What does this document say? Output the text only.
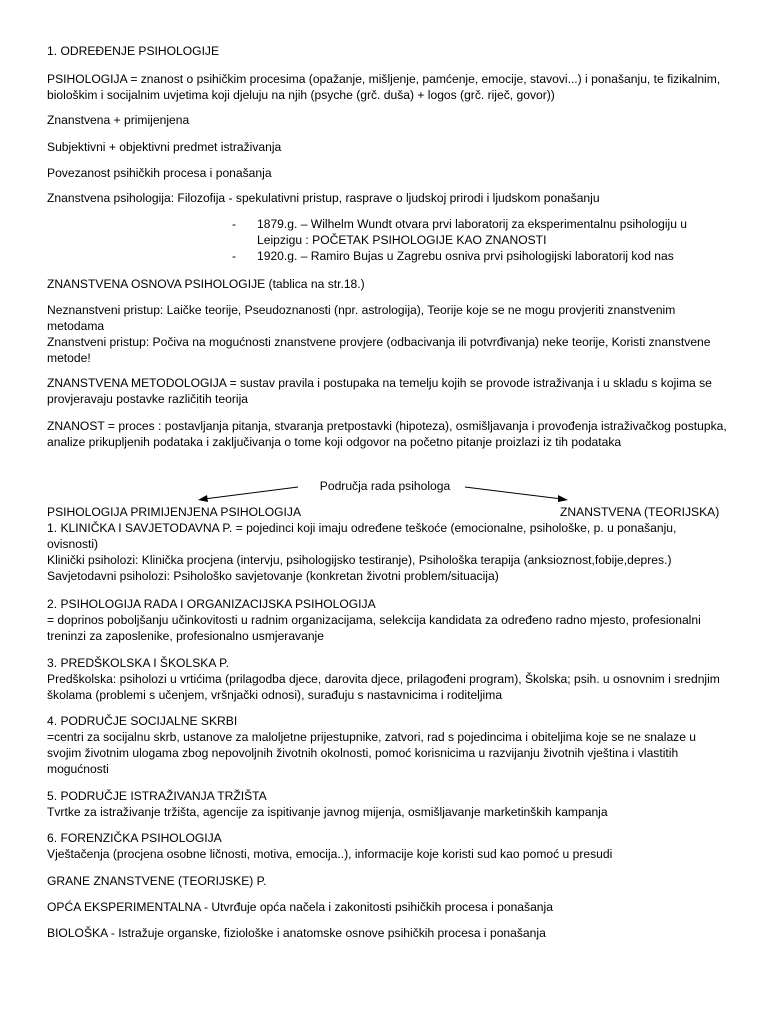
1. ODREĐENJE PSIHOLOGIJE

PSIHOLOGIJA = znanost o psihičkim procesima (opažanje, mišljenje, pamćenje, emocije, stavovi...) i ponašanju, te fizikalnim, biološkim i socijalnim uvjetima koji djeluju na njih (psyche (grč. duša) + logos (grč. riječ, govor))

Znanstvena + primijenjena

Subjektivni + objektivni predmet istraživanja

Povezanost psihičkih procesa i ponašanja

Znanstvena psihologija: Filozofija - spekulativni pristup, rasprave o ljudskoj prirodi i ljudskom ponašanju

- 1879.g. – Wilhelm Wundt otvara prvi laboratorij za eksperimentalnu psihologiju u Leipzigu : POČETAK PSIHOLOGIJE KAO ZNANOSTI
- 1920.g. – Ramiro Bujas u Zagrebu osniva prvi psihologijski laboratorij kod nas

ZNANSTVENA OSNOVA PSIHOLOGIJE (tablica na str.18.)

Neznanstveni pristup: Laičke teorije, Pseudoznanosti (npr. astrologija), Teorije koje se ne mogu provjeriti znanstvenim metodama

Znanstveni pristup: Počiva na mogućnosti znanstvene provjere (odbacivanja ili potvrđivanja) neke teorije, Koristi znanstvene metode!

ZNANSTVENA METODOLOGIJA = sustav pravila i postupaka na temelju kojih se provode istraživanja i u skladu s kojima se provjeravaju postavke različitih teorija

ZNANOST = proces : postavljanja pitanja, stvaranja pretpostavki (hipoteza), osmišljavanja i provođenja istraživačkog postupka, analize prikupljenih podataka i zaključivanja o tome koji odgovor na početno pitanje proizlazi iz tih podataka

Područja rada psihologa
PSIHOLOGIJA PRIMIJENJENA PSIHOLOGIJA	ZNANSTVENA (TEORIJSKA)
1. KLINIČKA I SAVJETODAVNA P. = pojedinci koji imaju određene teškoće (emocionalne, psihološke, p. u ponašanju, ovisnosti)
Klinički psiholozi: Klinička procjena (intervju, psihologijsko testiranje), Psihološka terapija (anksioznost,fobije,depres.)
Savjetodavni psiholozi: Psihološko savjetovanje (konkretan životni problem/situacija)
2. PSIHOLOGIJA RADA I ORGANIZACIJSKA PSIHOLOGIJA
= doprinos poboljšanju učinkovitosti u radnim organizacijama, selekcija kandidata za određeno radno mjesto, profesionalni treninzi za zaposlenike, profesionalno usmjeravanje
3. PREDŠKOLSKA I ŠKOLSKA P.
Predškolska: psiholozi u vrtićima (prilagodba djece, darovita djece, prilagođeni program), Školska; psih. u osnovnim i srednjim školama (problemi s učenjem, vršnjački odnosi), surađuju s nastavnicima i roditeljima
4. PODRUČJE SOCIJALNE SKRBI
=centri za socijalnu skrb, ustanove za maloljetne prijestupnike, zatvori, rad s pojedincima i obiteljima koje se ne snalaze u svojim životnim ulogama zbog nepovoljnih životnih okolnosti, pomoć korisnicima u razvijanju životnih vještina i vlastitih mogućnosti
5. PODRUČJE ISTRAŽIVANJA TRŽIŠTA
Tvrtke za istraživanje tržišta, agencije za ispitivanje javnog mijenja, osmišljavanje marketinških kampanja
6. FORENZIČKA PSIHOLOGIJA
Vještačenja (procjena osobne ličnosti, motiva, emocija..), informacije koje koristi sud kao pomoć u presudi

GRANE ZNANSTVENE (TEORIJSKE) P.

OPĆA EKSPERIMENTALNA - Utvrđuje opća načela i zakonitosti psihičkih procesa i ponašanja

BIOLOŠKA - Istražuje organske, fiziološke i anatomske osnove psihičkih procesa i ponašanja
